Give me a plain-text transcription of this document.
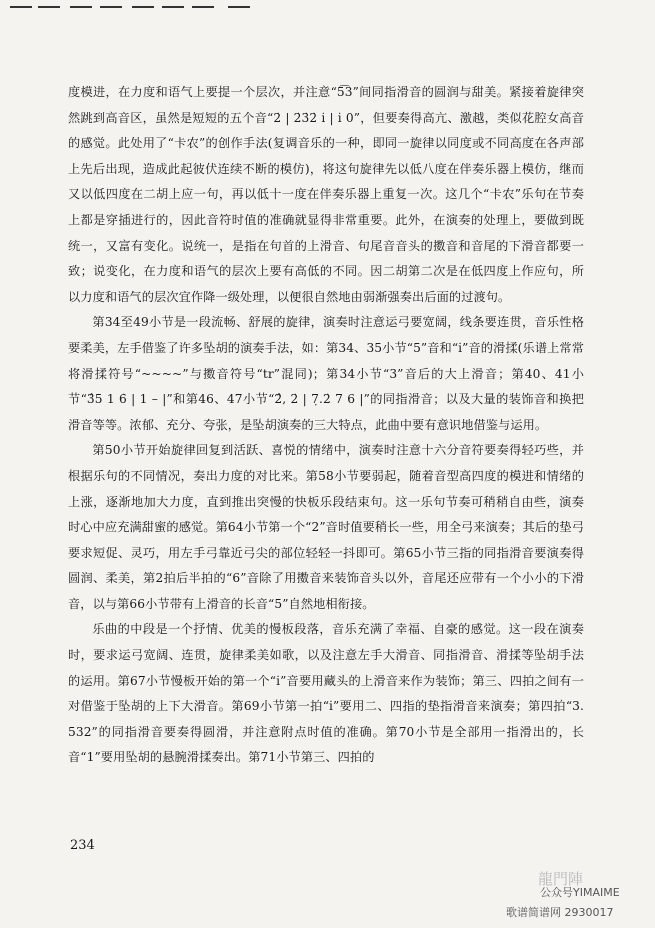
度模进，在力度和语气上要提一个层次，并注意“5͡3”间同指滑音的圆润与甜美。紧接着旋律突然跳到高音区，虽然是短短的五个音“2̇ | 2̇3̇2̇ i̇ | i̇ 0”，但要奏得高亢、激越，类似花腔女高音的感觉。此处用了“卡农”的创作手法(复调音乐的一种，即同一旋律以同度或不同高度在各声部上先后出现，造成此起彼伏连续不断的模仿)，将这句旋律先以低八度在伴奏乐器上模仿，继而又以低四度在二胡上应一句，再以低十一度在伴奏乐器上重复一次。这几个“卡农”乐句在节奏上都是穿插进行的，因此音符时值的准确就显得非常重要。此外，在演奏的处理上，要做到既统一，又富有变化。说统一，是指在句首的上滑音、句尾音音头的擞音和音尾的下滑音都要一致；说变化，在力度和语气的层次上要有高低的不同。因二胡第二次是在低四度上作应句，所以力度和语气的层次宜作降一级处理，以便很自然地由弱渐强奏出后面的过渡句。

第34至49小节是一段流畅、舒展的旋律，演奏时注意运弓要宽阔，线条要连贯，音乐性格要柔美，左手借鉴了许多坠胡的演奏手法，如：第34、35小节“5”音和“i̇”音的滑揉(乐谱上常常将滑揉符号“~~~~”与擞音符号“tr”混同)；第34小节“3”音后的大上滑音；第40、41小节“3̂5 1 6̇ | 1 – |”和第46、47小节“2̂, 2̇ | 7̣.2̇ 7 6 |”的同指滑音；以及大量的装饰音和换把滑音等等。浓郁、充分、夸张，是坠胡演奏的三大特点，此曲中要有意识地借鉴与运用。

第50小节开始旋律回复到活跃、喜悦的情绪中，演奏时注意十六分音符要奏得轻巧些，并根据乐句的不同情况，奏出力度的对比来。第58小节要弱起，随着音型高四度的模进和情绪的上涨，逐渐地加大力度，直到推出突慢的快板乐段结束句。这一乐句节奏可稍稍自由些，演奏时心中应充满甜蜜的感觉。第64小节第一个“2”音时值要稍长一些，用全弓来演奏；其后的垫弓要求短促、灵巧，用左手弓靠近弓尖的部位轻轻一抖即可。第65小节三指的同指滑音要演奏得圆润、柔美，第2拍后半拍的“6”音除了用擞音来装饰音头以外，音尾还应带有一个小小的下滑音，以与第66小节带有上滑音的长音“5”自然地相衔接。

乐曲的中段是一个抒情、优美的慢板段落，音乐充满了幸福、自豪的感觉。这一段在演奏时，要求运弓宽阔、连贯，旋律柔美如歌，以及注意左手大滑音、同指滑音、滑揉等坠胡手法的运用。第67小节慢板开始的第一个“i̇”音要用藏头的上滑音来作为装饰；第三、四拍之间有一对借鉴于坠胡的上下大滑音。第69小节第一拍“i̇”要用二、四指的垫指滑音来演奏；第四拍“3. 532”的同指滑音要奏得圆滑，并注意附点时值的准确。第70小节是全部用一指滑出的，长音“1”要用坠胡的悬腕滑揉奏出。第71小节第三、四拍的

234
龍門陣
公众号YIMAIME
歌谱简谱网 2930017
